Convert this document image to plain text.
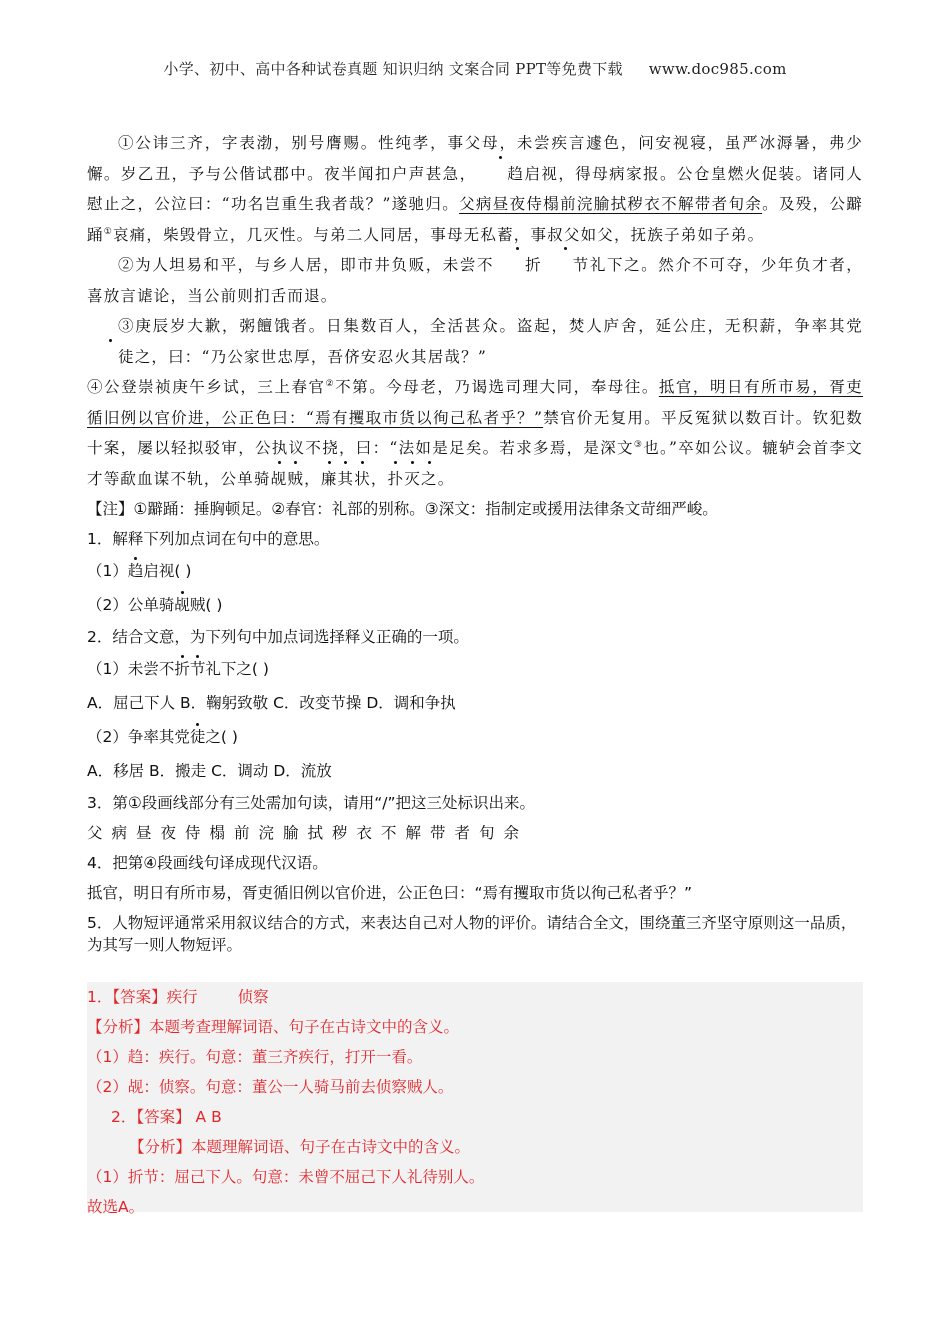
小学、初中、高中各种试卷真题 知识归纳 文案合同 PPT等免费下载 www.doc985.com

①公讳三齐，字表渤，别号膺赐。性纯孝，事父母，未尝疾言遽色，问安视寝，虽严冰溽暑，弗少懈。岁乙丑，予与公偕试郡中。夜半闻扣户声甚急， 趋启视，得母病家报。公仓皇燃火促装。诸同人慰止之，公泣曰：“功名岂重生我者哉？”遂驰归。父病昼夜侍榻前浣腧拭秽衣不解带者旬余。及殁，公躃踊①哀痛，柴毁骨立，几灭性。与弟二人同居，事母无私蓄，事叔父如父，抚族子弟如子弟。

②为人坦易和平，与乡人居，即市井负贩，未尝不 折 节礼下之。然介不可夺，少年负才者，喜放言谑论，当公前则扪舌而退。

③庚辰岁大歉，粥饘饿者。日集数百人，全活甚众。盗起，焚人庐舍，延公庄，无积薪，争率其党徒之，曰：“乃公家世忠厚，吾侪安忍火其居哉？”

④公登崇祯庚午乡试，三上春官②不第。今母老，乃谒选司理大同，奉母往。抵官，明日有所市易，胥吏循旧例以官价进，公正色曰：“焉有攫取市货以徇己私者乎？”禁官价无复用。平反冤狱以数百计。钦犯数十案，屡以轻拟驳审，公执议不挠，曰：“法如是足矣。若求多焉，是深文③也。”卒如公议。辘轳会首李文才等歃血谋不轨，公单骑觇贼，廉其状，扑灭之。

【注】①躃踊：捶胸顿足。②春官：礼部的别称。③深文：指制定或援用法律条文苛细严峻。

1．解释下列加点词在句中的意思。

（1）趋启视( )

（2）公单骑觇贼( )

2．结合文意，为下列句中加点词选择释义正确的一项。

（1）未尝不折节礼下之( )

A．屈己下人 B．鞠躬致敬 C．改变节操 D．调和争执

（2）争率其党徒之( )

A．移居 B．搬走 C．调动 D．流放

3．第①段画线部分有三处需加句读，请用“/”把这三处标识出来。

父病昼夜侍榻前浣腧拭秽衣不解带者旬余

4．把第④段画线句译成现代汉语。

抵官，明日有所市易，胥吏循旧例以官价进，公正色曰：“焉有攫取市货以徇己私者乎？”

5．人物短评通常采用叙议结合的方式，来表达自己对人物的评价。请结合全文，围绕董三齐坚守原则这一品质，为其写一则人物短评。

1．【答案】疾行	侦察

【分析】本题考查理解词语、句子在古诗文中的含义。

（1）趋：疾行。句意：董三齐疾行，打开一看。

（2）觇：侦察。句意：董公一人骑马前去侦察贼人。

2．【答案】 A B

【分析】本题理解词语、句子在古诗文中的含义。

（1）折节：屈己下人。句意：未曾不屈己下人礼待别人。

故选A。
